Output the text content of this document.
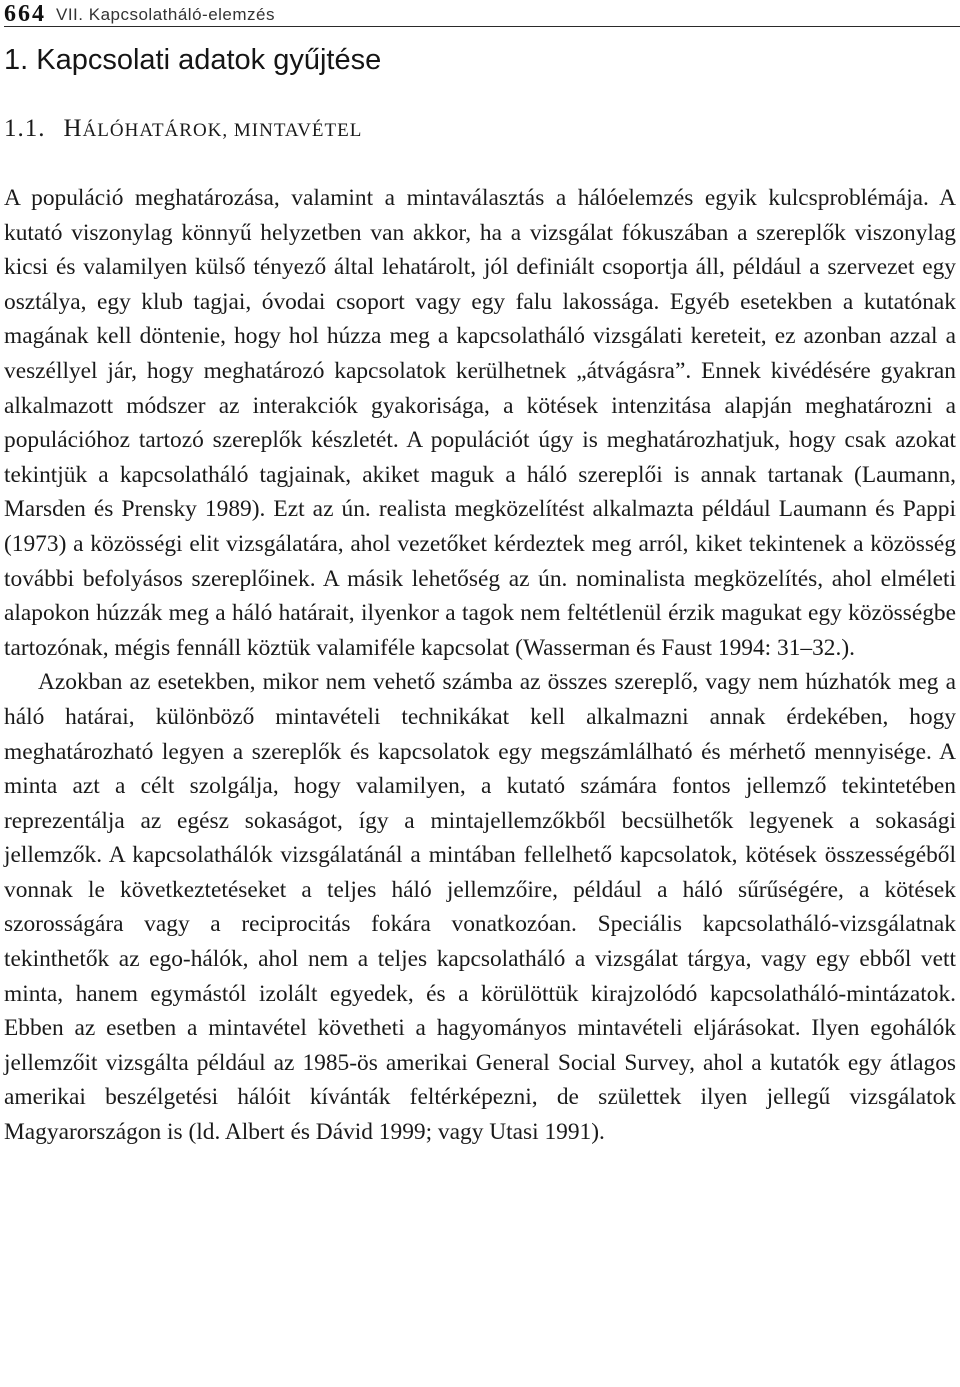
664 VII. Kapcsolatháló-elemzés
1. Kapcsolati adatok gyűjtése
1.1. HÁLÓHATÁROK, MINTAVÉTEL

A populáció meghatározása, valamint a mintaválasztás a hálóelemzés egyik kulcsproblémája. A kutató viszonylag könnyű helyzetben van akkor, ha a vizsgálat fókuszában a szereplők viszonylag kicsi és valamilyen külső tényező által lehatárolt, jól definiált csoportja áll, például a szervezet egy osztálya, egy klub tagjai, óvodai csoport vagy egy falu lakossága. Egyéb esetekben a kutatónak magának kell döntenie, hogy hol húzza meg a kapcsolatháló vizsgálati kereteit, ez azonban azzal a veszéllyel jár, hogy meghatározó kapcsolatok kerülhetnek „átvágásra”. Ennek kivédésére gyakran alkalmazott módszer az interakciók gyakorisága, a kötések intenzitása alapján meghatározni a populációhoz tartozó szereplők készletét. A populációt úgy is meghatározhatjuk, hogy csak azokat tekintjük a kapcsolatháló tagjainak, akiket maguk a háló szereplői is annak tartanak (Laumann, Marsden és Prensky 1989). Ezt az ún. realista megközelítést alkalmazta például Laumann és Pappi (1973) a közösségi elit vizsgálatára, ahol vezetőket kérdeztek meg arról, kiket tekintenek a közösség további befolyásos szereplőinek. A másik lehetőség az ún. nominalista megközelítés, ahol elméleti alapokon húzzák meg a háló határait, ilyenkor a tagok nem feltétlenül érzik magukat egy közösségbe tartozónak, mégis fennáll köztük valamiféle kapcsolat (Wasserman és Faust 1994: 31–32.).

Azokban az esetekben, mikor nem vehető számba az összes szereplő, vagy nem húzhatók meg a háló határai, különböző mintavételi technikákat kell alkalmazni annak érdekében, hogy meghatározható legyen a szereplők és kapcsolatok egy megszámlálható és mérhető mennyisége. A minta azt a célt szolgálja, hogy valamilyen, a kutató számára fontos jellemző tekintetében reprezentálja az egész sokaságot, így a mintajellemzőkből becsülhetők legyenek a sokasági jellemzők. A kapcsolathálók vizsgálatánál a mintában fellelhető kapcsolatok, kötések összességéből vonnak le következtetéseket a teljes háló jellemzőire, például a háló sűrűségére, a kötések szorosságára vagy a reciprocitás fokára vonatkozóan. Speciális kapcsolatháló-vizsgálatnak tekinthetők az ego-hálók, ahol nem a teljes kapcsolatháló a vizsgálat tárgya, vagy egy ebből vett minta, hanem egymástól izolált egyedek, és a körülöttük kirajzolódó kapcsolatháló-mintázatok. Ebben az esetben a mintavétel követheti a hagyományos mintavételi eljárásokat. Ilyen egohálók jellemzőit vizsgálta például az 1985-ös amerikai General Social Survey, ahol a kutatók egy átlagos amerikai beszélgetési hálóit kívánták feltérképezni, de születtek ilyen jellegű vizsgálatok Magyarországon is (ld. Albert és Dávid 1999; vagy Utasi 1991).
